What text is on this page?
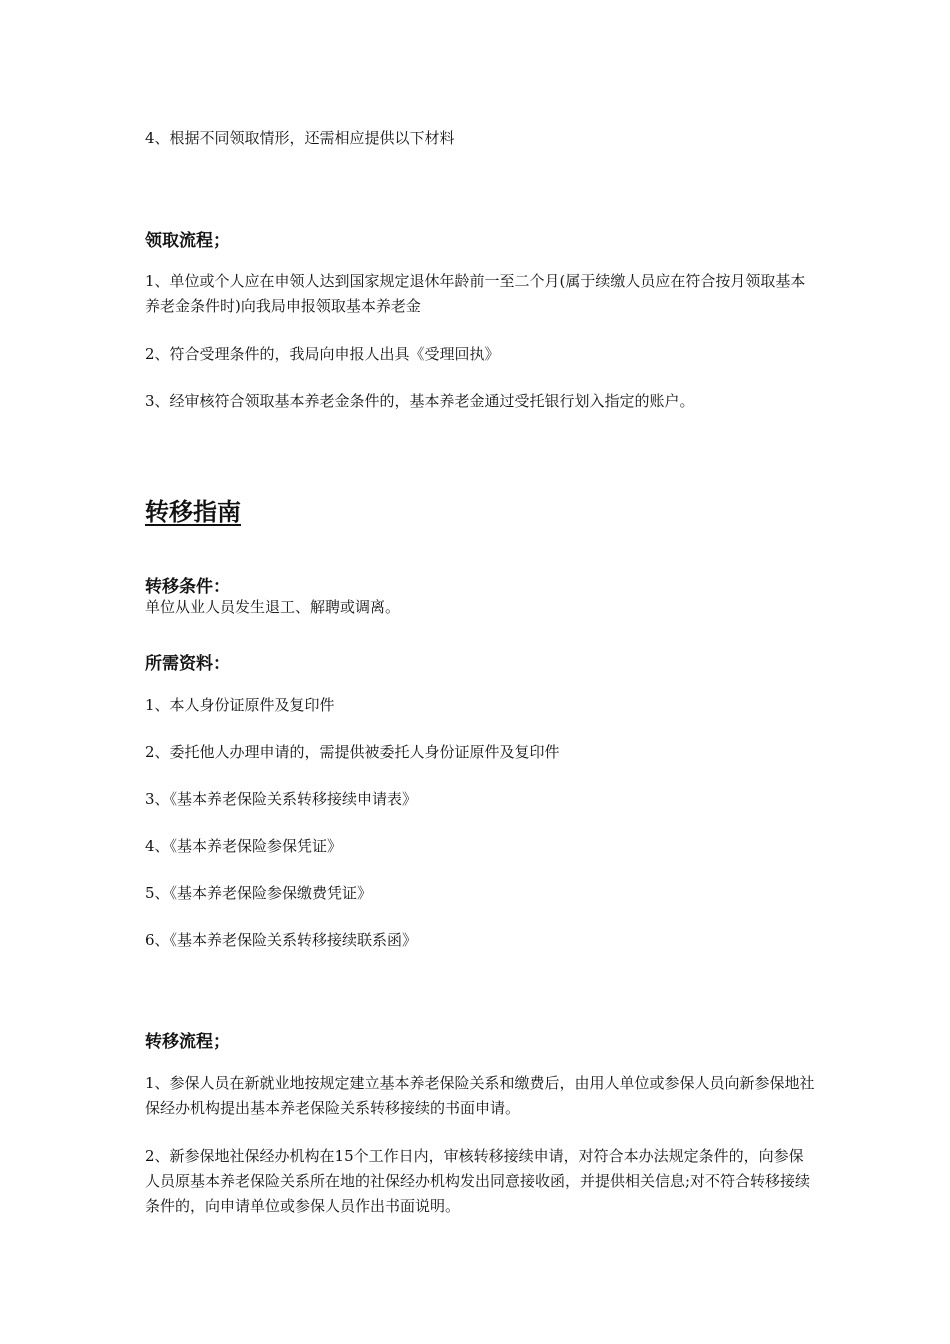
4、根据不同领取情形，还需相应提供以下材料

领取流程；

1、单位或个人应在申领人达到国家规定退休年龄前一至二个月(属于续缴人员应在符合按月领取基本养老金条件时)向我局申报领取基本养老金

2、符合受理条件的，我局向申报人出具《受理回执》

3、经审核符合领取基本养老金条件的，基本养老金通过受托银行划入指定的账户。

转移指南

转移条件：

单位从业人员发生退工、解聘或调离。

所需资料：

1、本人身份证原件及复印件

2、委托他人办理申请的，需提供被委托人身份证原件及复印件

3、《基本养老保险关系转移接续申请表》

4、《基本养老保险参保凭证》

5、《基本养老保险参保缴费凭证》

6、《基本养老保险关系转移接续联系函》

转移流程；

1、参保人员在新就业地按规定建立基本养老保险关系和缴费后，由用人单位或参保人员向新参保地社保经办机构提出基本养老保险关系转移接续的书面申请。

2、新参保地社保经办机构在15个工作日内，审核转移接续申请，对符合本办法规定条件的，向参保人员原基本养老保险关系所在地的社保经办机构发出同意接收函，并提供相关信息;对不符合转移接续条件的，向申请单位或参保人员作出书面说明。
